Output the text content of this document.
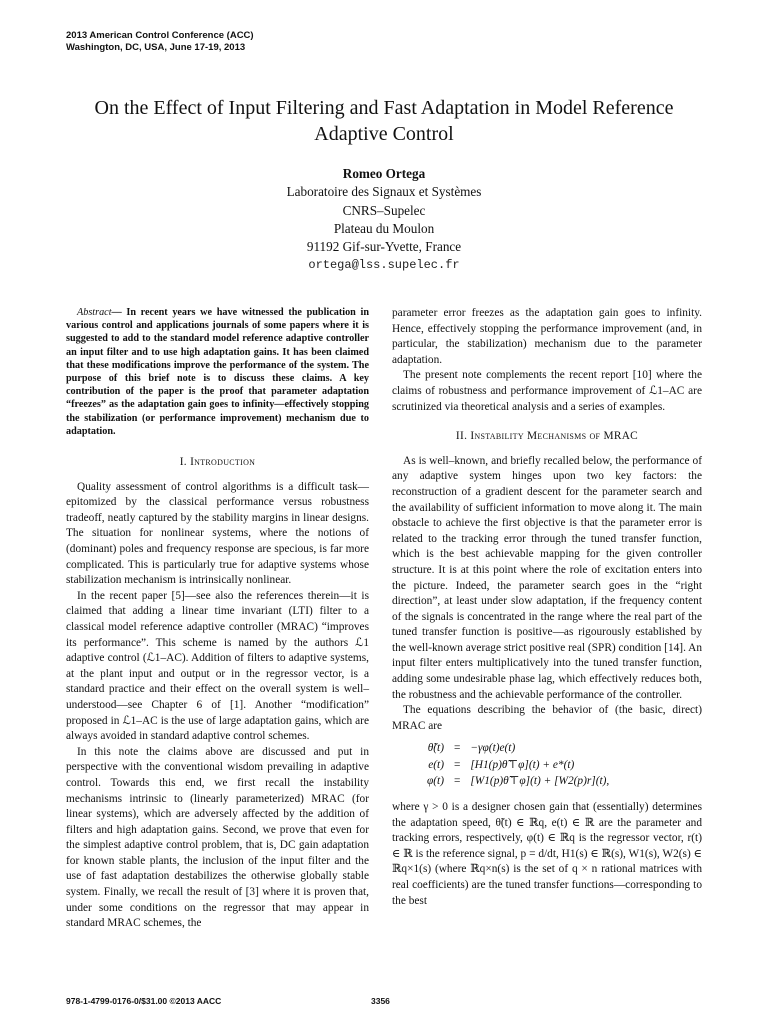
2013 American Control Conference (ACC)
Washington, DC, USA, June 17-19, 2013
On the Effect of Input Filtering and Fast Adaptation in Model Reference Adaptive Control
Romeo Ortega
Laboratoire des Signaux et Systèmes
CNRS–Supelec
Plateau du Moulon
91192 Gif-sur-Yvette, France
ortega@lss.supelec.fr

Abstract— In recent years we have witnessed the publication in various control and applications journals of some papers where it is suggested to add to the standard model reference adaptive controller an input filter and to use high adaptation gains. It has been claimed that these modifications improve the performance of the system. The purpose of this brief note is to discuss these claims. A key contribution of the paper is the proof that parameter adaptation “freezes” as the adaptation gain goes to infinity—effectively stopping the stabilization (or performance improvement) mechanism due to adaptation.

I. Introduction

Quality assessment of control algorithms is a difficult task—epitomized by the classical performance versus robustness tradeoff, neatly captured by the stability margins in linear designs. The situation for nonlinear systems, where the notions of (dominant) poles and frequency response are specious, is far more complicated. This is particularly true for adaptive systems whose stabilization mechanism is intrinsically nonlinear.

In the recent paper [5]—see also the references therein—it is claimed that adding a linear time invariant (LTI) filter to a classical model reference adaptive controller (MRAC) “improves its performance”. This scheme is named by the authors ℒ1 adaptive control (ℒ1–AC). Addition of filters to adaptive systems, at the plant input and output or in the regressor vector, is a standard practice and their effect on the overall system is well–understood—see Chapter 6 of [1]. Another “modification” proposed in ℒ1–AC is the use of large adaptation gains, which are always avoided in standard adaptive control schemes.

In this note the claims above are discussed and put in perspective with the conventional wisdom prevailing in adaptive control. Towards this end, we first recall the instability mechanisms intrinsic to (linearly parameterized) MRAC (for linear systems), which are adversely affected by the addition of filters and high adaptation gains. Second, we prove that even for the simplest adaptive control problem, that is, DC gain adaptation for known stable plants, the inclusion of the input filter and the use of fast adaptation destabilizes the otherwise globally stable system. Finally, we recall the result of [3] where it is proven that, under some conditions on the regressor that may appear in standard MRAC schemes, the

parameter error freezes as the adaptation gain goes to infinity. Hence, effectively stopping the performance improvement (and, in particular, the stabilization) mechanism due to the parameter adaptation.

The present note complements the recent report [10] where the claims of robustness and performance improvement of ℒ1–AC are scrutinized via theoretical analysis and a series of examples.

II. Instability Mechanisms of MRAC

As is well–known, and briefly recalled below, the performance of any adaptive system hinges upon two key factors: the reconstruction of a gradient descent for the parameter search and the availability of sufficient information to move along it. The main obstacle to achieve the first objective is that the parameter error is related to the tracking error through the tuned transfer function, which is the best achievable mapping for the given controller structure. It is at this point where the role of excitation enters into the picture. Indeed, the parameter search goes in the “right direction”, at least under slow adaptation, if the frequency content of the signals is concentrated in the range where the real part of the tuned transfer function is positive—as rigourously established by the well-known average strict positive real (SPR) condition [14]. An input filter enters multiplicatively into the tuned transfer function, adding some undesirable phase lag, which effectively reduces both, the robustness and the achievable performance of the controller.

The equations describing the behavior of (the basic, direct) MRAC are

θ̃̇(t)	=	−γφ(t)e(t)
e(t)	=	[H1(p)θ̃⊤φ](t) + e*(t)
φ(t)	=	[W1(p)θ̃⊤φ](t) + [W2(p)r](t),

where γ > 0 is a designer chosen gain that (essentially) determines the adaptation speed, θ̃(t) ∈ ℝq, e(t) ∈ ℝ are the parameter and tracking errors, respectively, φ(t) ∈ ℝq is the regressor vector, r(t) ∈ ℝ is the reference signal, p = d/dt, H1(s) ∈ ℝ(s), W1(s), W2(s) ∈ ℝq×1(s) (where ℝq×n(s) is the set of q × n rational matrices with real coefficients) are the tuned transfer functions—corresponding to the best

978-1-4799-0176-0/$31.00 ©2013 AACC	3356
